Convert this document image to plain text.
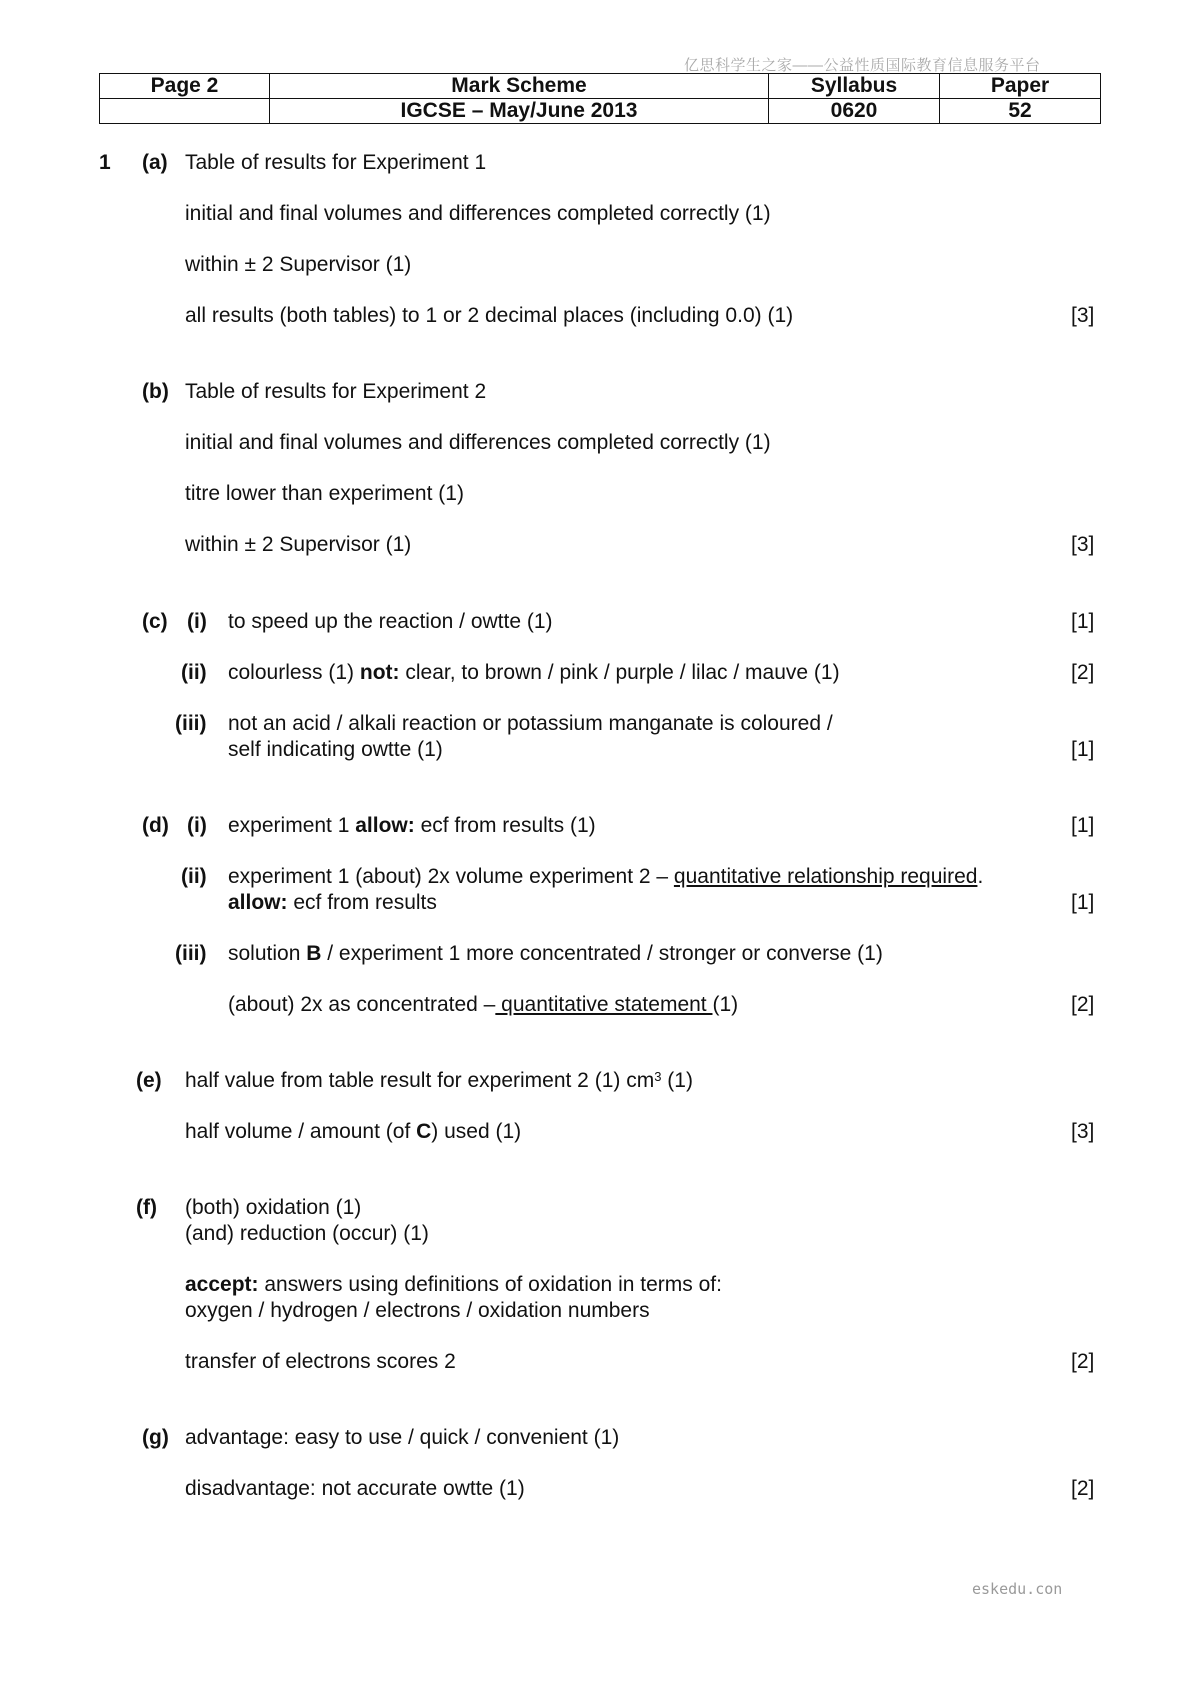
亿思科学生之家——公益性质国际教育信息服务平台
Page 2	Mark Scheme	Syllabus	Paper
	IGCSE – May/June 2013	0620	52
1 (a) Table of results for Experiment 1
initial and final volumes and differences completed correctly (1)
within ± 2 Supervisor (1)
all results (both tables) to 1 or 2 decimal places (including 0.0) (1)	[3]
(b) Table of results for Experiment 2
initial and final volumes and differences completed correctly (1)
titre lower than experiment (1)
within ± 2 Supervisor (1)	[3]
(c) (i) to speed up the reaction / owtte (1)	[1]
(ii) colourless (1) not: clear, to brown / pink / purple / lilac / mauve (1)	[2]
(iii) not an acid / alkali reaction or potassium manganate is coloured /
self indicating owtte (1)	[1]
(d) (i) experiment 1 allow: ecf from results (1)	[1]
(ii) experiment 1 (about) 2x volume experiment 2 – quantitative relationship required.
allow: ecf from results	[1]
(iii) solution B / experiment 1 more concentrated / stronger or converse (1)
(about) 2x as concentrated – quantitative statement (1)	[2]
(e) half value from table result for experiment 2 (1) $cm^3$ (1)
half volume / amount (of C) used (1)	[3]
(f) (both) oxidation (1)
(and) reduction (occur) (1)
accept: answers using definitions of oxidation in terms of:
oxygen / hydrogen / electrons / oxidation numbers
transfer of electrons scores 2	[2]
(g) advantage: easy to use / quick / convenient (1)
disadvantage: not accurate owtte (1)	[2]
eskedu.con
